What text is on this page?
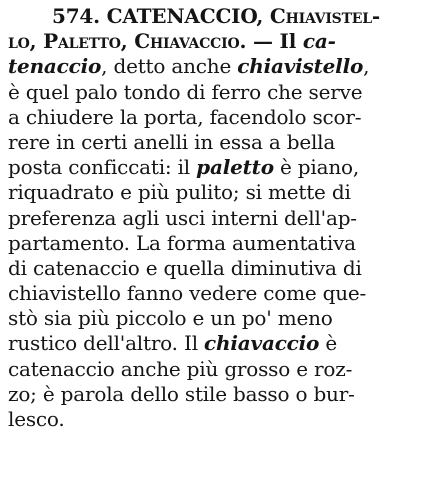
574. CATENACCIO, Chiavistel-
lo, Paletto, Chiavaccio. — Il ca-
tenaccio, detto anche chiavistello,
è quel palo tondo di ferro che serve
a chiudere la porta, facendolo scor-
rere in certi anelli in essa a bella
posta conficcati: il paletto è piano,
riquadrato e più pulito; si mette di
preferenza agli usci interni dell'ap-
partamento. La forma aumentativa
di catenaccio e quella diminutiva di
chiavistello fanno vedere come que-
stò sia più piccolo e un po' meno
rustico dell'altro. Il chiavaccio è
catenaccio anche più grosso e roz-
zo; è parola dello stile basso o bur-
lesco.
